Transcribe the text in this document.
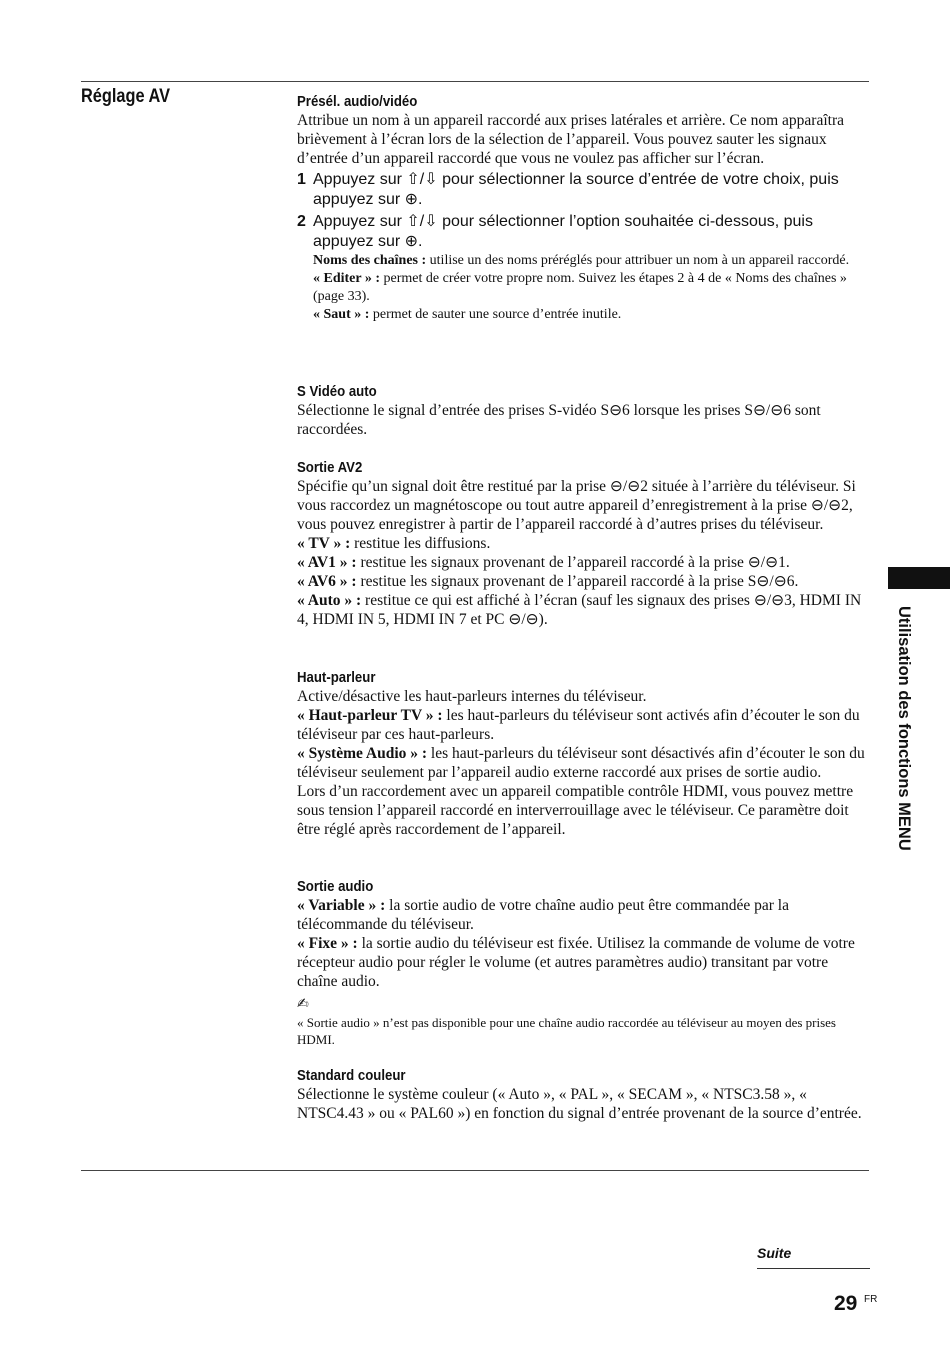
Réglage AV	Présél. audio/vidéo

Attribue un nom à un appareil raccordé aux prises latérales et arrière. Ce nom apparaîtra brièvement à l’écran lors de la sélection de l’appareil. Vous pouvez sauter les signaux d’entrée d’un appareil raccordé que vous ne voulez pas afficher sur l’écran.

1 Appuyez sur ⇧/⇩ pour sélectionner la source d’entrée de votre choix, puis appuyez sur ⊕.
2 Appuyez sur ⇧/⇩ pour sélectionner l’option souhaitée ci-dessous, puis appuyez sur ⊕.
Noms des chaînes : utilise un des noms préréglés pour attribuer un nom à un appareil raccordé.
« Editer » : permet de créer votre propre nom. Suivez les étapes 2 à 4 de « Noms des chaînes » (page 33).
« Saut » : permet de sauter une source d’entrée inutile.
S Vidéo auto

Sélectionne le signal d’entrée des prises S-vidéo S⊖6 lorsque les prises S⊖/⊖6 sont raccordées.

Sortie AV2

Spécifie qu’un signal doit être restitué par la prise ⊖/⊖2 située à l’arrière du téléviseur. Si vous raccordez un magnétoscope ou tout autre appareil d’enregistrement à la prise ⊖/⊖2, vous pouvez enregistrer à partir de l’appareil raccordé à d’autres prises du téléviseur.

« TV » : restitue les diffusions.
« AV1 » : restitue les signaux provenant de l’appareil raccordé à la prise ⊖/⊖1.
« AV6 » : restitue les signaux provenant de l’appareil raccordé à la prise S⊖/⊖6.
« Auto » : restitue ce qui est affiché à l’écran (sauf les signaux des prises ⊖/⊖3, HDMI IN 4, HDMI IN 5, HDMI IN 7 et PC ⊖/⊖).
Haut-parleur

Active/désactive les haut-parleurs internes du téléviseur.

« Haut-parleur TV » : les haut-parleurs du téléviseur sont activés afin d’écouter le son du téléviseur par ces haut-parleurs.
« Système Audio » : les haut-parleurs du téléviseur sont désactivés afin d’écouter le son du téléviseur seulement par l’appareil audio externe raccordé aux prises de sortie audio.

Lors d’un raccordement avec un appareil compatible contrôle HDMI, vous pouvez mettre sous tension l’appareil raccordé en interverrouillage avec le téléviseur. Ce paramètre doit être réglé après raccordement de l’appareil.

Sortie audio
« Variable » : la sortie audio de votre chaîne audio peut être commandée par la télécommande du téléviseur.
« Fixe » : la sortie audio du téléviseur est fixée. Utilisez la commande de volume de votre récepteur audio pour régler le volume (et autres paramètres audio) transitant par votre chaîne audio.
✍
« Sortie audio » n’est pas disponible pour une chaîne audio raccordée au téléviseur au moyen des prises HDMI.
Standard couleur

Sélectionne le système couleur (« Auto », « PAL », « SECAM », « NTSC3.58 », « NTSC4.43 » ou « PAL60 ») en fonction du signal d’entrée provenant de la source d’entrée.

Utilisation des fonctions MENU
Suite
29 FR
